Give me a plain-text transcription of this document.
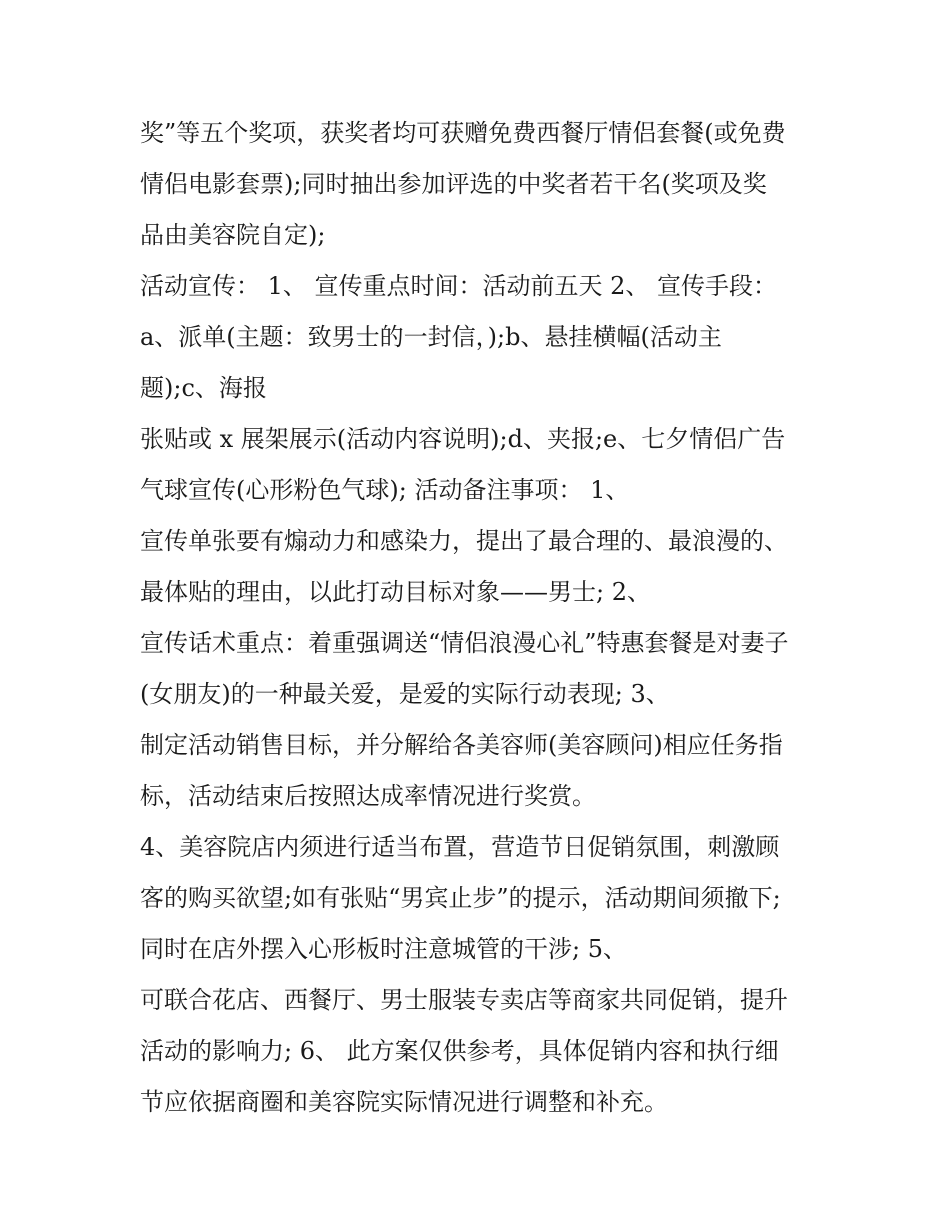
奖”等五个奖项，获奖者均可获赠免费西餐厅情侣套餐(或免费
情侣电影套票);同时抽出参加评选的中奖者若干名(奖项及奖
品由美容院自定);
活动宣传： 1、 宣传重点时间：活动前五天 2、 宣传手段：
a、派单(主题：致男士的一封信，);b、悬挂横幅(活动主
题);c、海报
张贴或 x 展架展示(活动内容说明);d、夹报;e、七夕情侣广告
气球宣传(心形粉色气球); 活动备注事项： 1、
宣传单张要有煽动力和感染力，提出了最合理的、最浪漫的、
最体贴的理由，以此打动目标对象——男士; 2、
宣传话术重点：着重强调送“情侣浪漫心礼”特惠套餐是对妻子
(女朋友)的一种最关爱，是爱的实际行动表现; 3、
制定活动销售目标，并分解给各美容师(美容顾问)相应任务指
标，活动结束后按照达成率情况进行奖赏。
4、美容院店内须进行适当布置，营造节日促销氛围，刺激顾
客的购买欲望;如有张贴“男宾止步”的提示，活动期间须撤下;
同时在店外摆入心形板时注意城管的干涉; 5、
可联合花店、西餐厅、男士服装专卖店等商家共同促销，提升
活动的影响力; 6、 此方案仅供参考，具体促销内容和执行细
节应依据商圈和美容院实际情况进行调整和补充。
